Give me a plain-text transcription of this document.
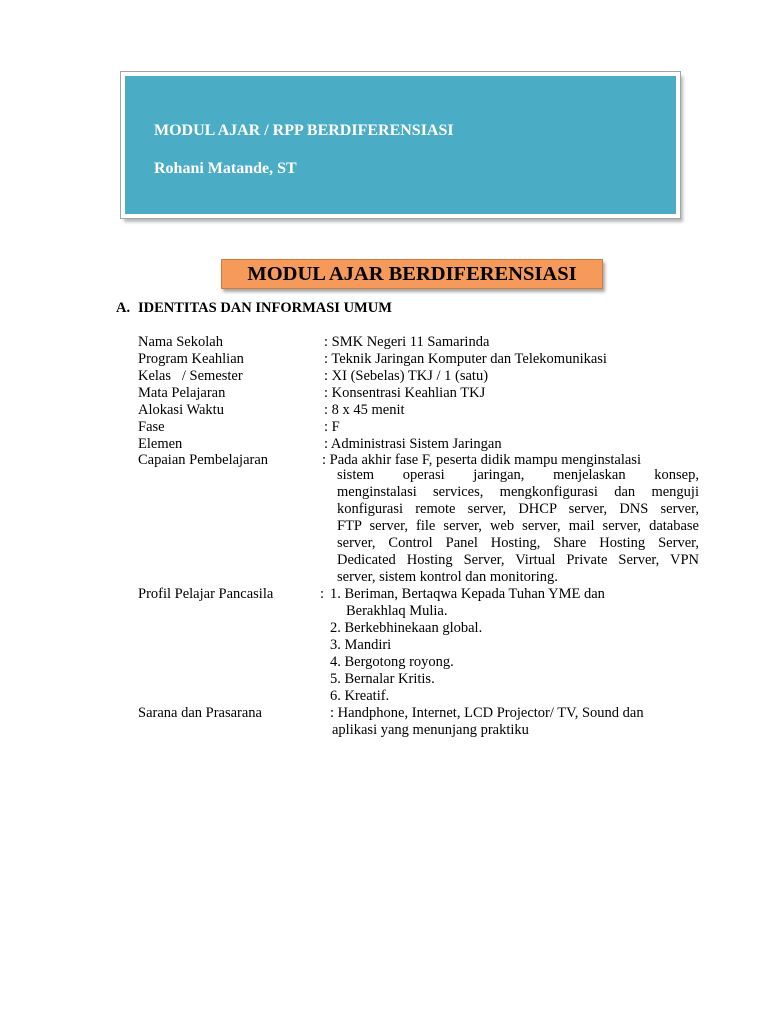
MODUL AJAR / RPP BERDIFERENSIASI
Rohani Matande, ST
MODUL AJAR BERDIFERENSIASI
A. IDENTITAS DAN INFORMASI UMUM
Nama Sekolah	: SMK Negeri 11 Samarinda
Program Keahlian	: Teknik Jaringan Komputer dan Telekomunikasi
Kelas   / Semester	: XI (Sebelas) TKJ / 1 (satu)
Mata Pelajaran	: Konsentrasi Keahlian TKJ
Alokasi Waktu	: 8 x 45 menit
Fase	: F
Elemen	: Administrasi Sistem Jaringan
Capaian Pembelajaran	: Pada akhir fase F, peserta didik mampu menginstalasi
sistem operasi jaringan, menjelaskan konsep,
menginstalasi services, mengkonfigurasi dan menguji
konfigurasi remote server, DHCP server, DNS server,
FTP server, file server, web server, mail server, database
server, Control Panel Hosting, Share Hosting Server,
Dedicated Hosting Server, Virtual Private Server, VPN
server, sistem kontrol dan monitoring.
Profil Pelajar Pancasila	: 1. Beriman, Bertaqwa Kepada Tuhan YME dan
Berakhlaq Mulia.
2. Berkebhinekaan global.
3. Mandiri
4. Bergotong royong.
5. Bernalar Kritis.
6. Kreatif.
Sarana dan Prasarana	: Handphone, Internet, LCD Projector/ TV, Sound dan
aplikasi yang menunjang praktiku
